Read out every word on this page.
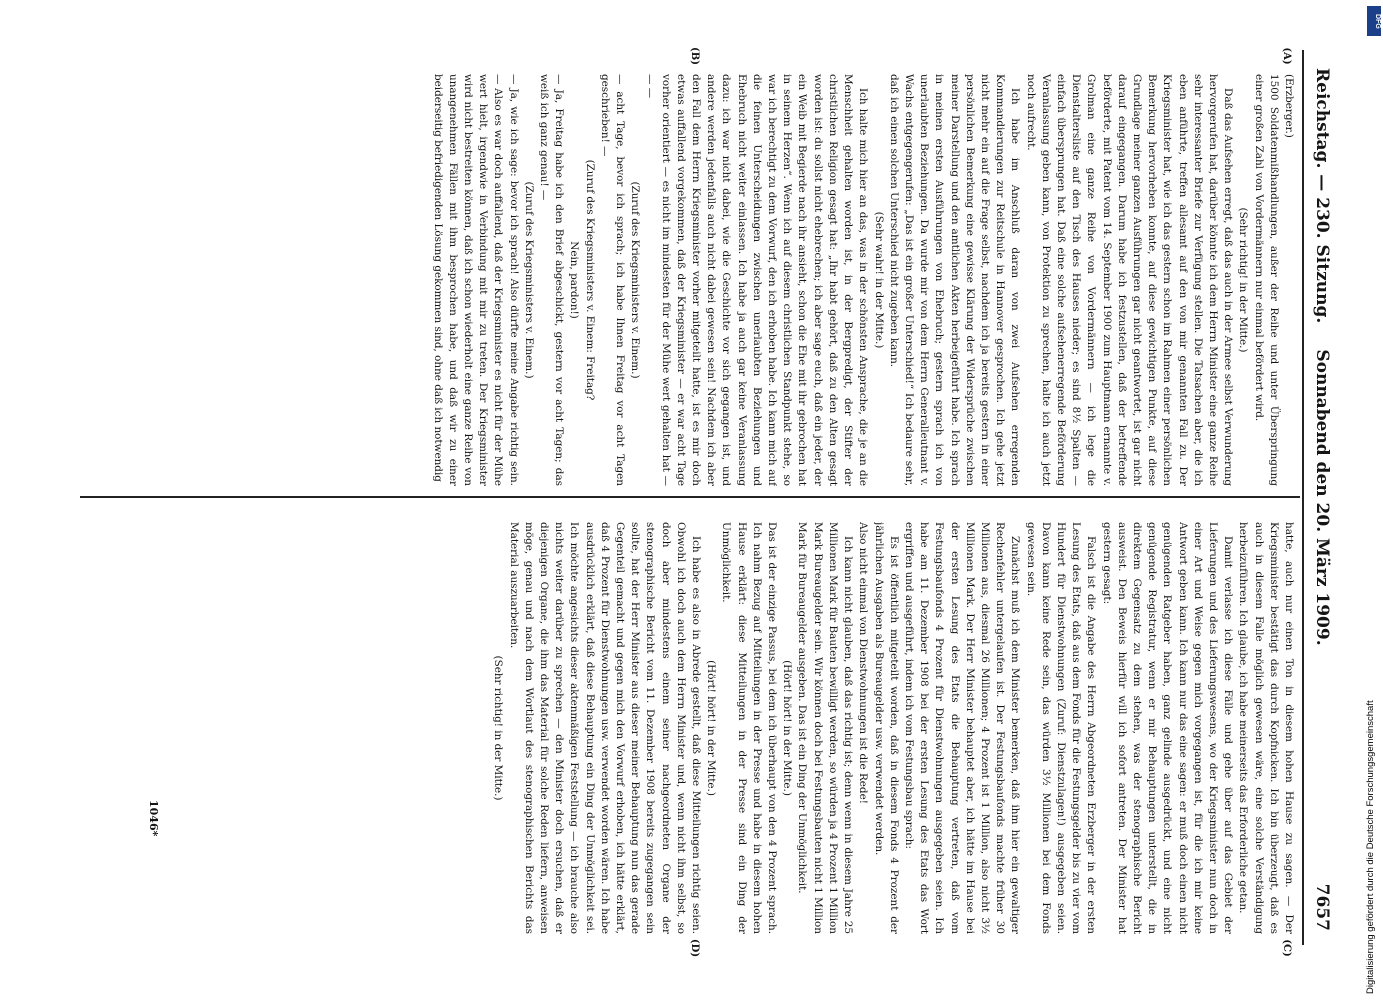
Reichstag. — 230. Sitzung.
Sonnabend den 20. März 1909.
7657
(A)
(B)
(C)
(D)

(Erzberger.)

1500 Soldatenmißhandlungen, außer der Reihe und unter Überspringung einer großen Zahl von Vordermännern nur einmal befördert wird.

(Sehr richtig! in der Mitte.)

Daß das Aufsehen erregt, daß das auch in der Armee selbst Verwunderung hervorgerufen hat, darüber könnte ich dem Herrn Minister eine ganze Reihe sehr interessanter Briefe zur Verfügung stellen. Die Tatsachen aber, die ich eben anführte, treffen allesamt auf den von mir genannten Fall zu. Der Kriegsminister hat, wie ich das gestern schon im Rahmen einer persönlichen Bemerkung hervorheben konnte, auf diese gewichtigen Punkte, auf diese Grundlage meiner ganzen Ausführungen gar nicht geantwortet, ist gar nicht darauf eingegangen. Darum habe ich festzustellen, daß der betreffende beförderte, mit Patent vom 14. September 1900 zum Hauptmann ernannte v. Grolman eine ganze Reihe von Vordermännern — ich lege die Dienstaltersliste auf den Tisch des Hauses nieder; es sind 8½ Spalten — einfach übersprungen hat. Daß eine solche aufsehenerregende Beförderung Veranlassung geben kann, von Protektion zu sprechen, halte ich auch jetzt noch aufrecht.

Ich habe im Anschluß daran von zwei Aufsehen erregenden Kommandierungen zur Reitschule in Hannover gesprochen. Ich gehe jetzt nicht mehr ein auf die Frage selbst, nachdem ich ja bereits gestern in einer persönlichen Bemerkung eine gewisse Klärung der Widersprüche zwischen meiner Darstellung und den amtlichen Akten herbeigeführt habe. Ich sprach in meinen ersten Ausführungen von Ehebruch; gestern sprach ich von unerlaubten Beziehungen. Da wurde mir von dem Herrn Generalleutnant v. Wachs entgegengerufen: „Das ist ein großer Unterschied!“ Ich bedaure sehr, daß ich einen solchen Unterschied nicht zugeben kann.

(Sehr wahr! in der Mitte.)

Ich halte mich hier an das, was in der schönsten Ansprache, die je an die Menschheit gehalten worden ist, in der Bergpredigt, der Stifter der christlichen Religion gesagt hat: „Ihr habt gehört, daß zu den Alten gesagt worden ist: du sollst nicht ehebrechen; ich aber sage euch, daß ein jeder, der ein Weib mit Begierde nach ihr ansieht, schon die Ehe mit ihr gebrochen hat in seinem Herzen“. Wenn ich auf diesem christlichen Standpunkt stehe, so war ich berechtigt zu dem Vorwurf, den ich erhoben habe. Ich kann mich auf die feinen Unterscheidungen zwischen unerlaubten Beziehungen und Ehebruch nicht weiter einlassen. Ich habe ja auch gar keine Veranlassung dazu: ich war nicht dabei, wie die Geschichte vor sich gegangen ist, und andere werden jedenfalls auch nicht dabei gewesen sein! Nachdem ich aber den Fall dem Herrn Kriegsminister vorher mitgeteilt hatte, ist es mir doch etwas auffallend vorgekommen, daß der Kriegsminister — er war acht Tage vorher orientiert — es nicht im mindesten für der Mühe wert gehalten hat — — —

(Zuruf des Kriegsministers v. Einem.)

— acht Tage, bevor ich sprach; ich habe Ihnen Freitag vor acht Tagen geschrieben! —

(Zuruf des Kriegsministers v. Einem: Freitag?

Nein, pardon!)

— Ja, Freitag habe ich den Brief abgeschickt, gestern vor acht Tagen; das weiß ich ganz genau! —

(Zuruf des Kriegsministers v. Einem.)

— Ja, wie ich sage: bevor ich sprach! Also dürfte meine Angabe richtig sein. — Also es war doch auffallend, daß der Kriegsminister es nicht für der Mühe wert hielt, irgendwie in Verbindung mit mir zu treten. Der Kriegsminister wird nicht bestreiten können, daß ich schon wiederholt eine ganze Reihe von unangenehmen Fällen mit ihm besprochen habe, und daß wir zu einer beiderseitig befriedigenden Lösung gekommen sind, ohne daß ich notwendig

hatte, auch nur einen Ton in diesem hohen Hause zu sagen. — Der Kriegsminister bestätigt das durch Kopfnicken. Ich bin überzeugt, daß es auch in diesem Falle möglich gewesen wäre, eine solche Verständigung herbeizuführen. Ich glaube, ich habe meinerseits das Erforderliche getan.

Damit verlasse ich diese Fälle und gehe über auf das Gebiet der Lieferungen und des Lieferungswesens, wo der Kriegsminister nun doch in einer Art und Weise gegen mich vorgegangen ist, für die ich mir keine Antwort geben kann. Ich kann nur das eine sagen: er muß doch einen nicht genügenden Ratgeber haben, ganz gelinde ausgedrückt, und eine nicht genügende Registratur, wenn er mir Behauptungen unterstellt, die in direktem Gegensatz zu dem stehen, was der stenographische Bericht ausweist. Den Beweis hierfür will ich sofort antreten. Der Minister hat gestern gesagt:

Falsch ist die Angabe des Herrn Abgeordneten Erzberger in der ersten Lesung des Etats, daß aus dem Fonds für die Festungsgelder bis zu vier vom Hundert für Dienstwohnungen (Zuruf: Dienstzulagen!) ausgegeben seien. Davon kann keine Rede sein, das würden 3½ Millionen bei dem Fonds gewesen sein.

Zunächst muß ich dem Minister bemerken, daß ihm hier ein gewaltiger Rechenfehler untergelaufen ist. Der Festungsbaufonds machte früher 30 Millionen aus, diesmal 26 Millionen; 4 Prozent ist 1 Million, also nicht 3½ Millionen Mark. Der Herr Minister behauptet aber, ich hätte im Hause bei der ersten Lesung des Etats die Behauptung vertreten, daß vom Festungsbaufonds 4 Prozent für Dienstwohnungen ausgegeben seien. Ich habe am 11. Dezember 1908 bei der ersten Lesung des Etats das Wort ergriffen und ausgeführt, indem ich vom Festungsbau sprach:

Es ist öffentlich mitgeteilt worden, daß in diesem Fonds 4 Prozent der jährlichen Ausgaben als Bureaugelder usw. verwendet werden.

Also nicht einmal von Dienstwohnungen ist die Rede!

Ich kann nicht glauben, daß das richtig ist; denn wenn in diesem Jahre 25 Millionen Mark für Bauten bewilligt werden, so würden ja 4 Prozent 1 Million Mark Bureaugelder sein. Wir können doch bei Festungsbauten nicht 1 Million Mark für Bureaugelder ausgeben. Das ist ein Ding der Unmöglichkeit.

(Hört! hört! in der Mitte.)

Das ist der einzige Passus, bei dem ich überhaupt von den 4 Prozent sprach. Ich nahm Bezug auf Mitteilungen in der Presse und habe in diesem hohen Hause erklärt: diese Mitteilungen in der Presse sind ein Ding der Unmöglichkeit.

(Hört! hört! in der Mitte.)

Ich habe es also in Abrede gestellt, daß diese Mitteilungen richtig seien. Obwohl ich doch auch dem Herrn Minister und, wenn nicht ihm selbst, so doch aber mindestens einem seiner nachgeordneten Organe der stenographische Bericht vom 11. Dezember 1908 bereits zugegangen sein sollte, hat der Herr Minister aus dieser meiner Behauptung nun das gerade Gegenteil gemacht und gegen mich den Vorwurf erhoben, ich hätte erklärt, daß 4 Prozent für Dienstwohnungen usw. verwendet worden wären. Ich habe ausdrücklich erklärt, daß diese Behauptung ein Ding der Unmöglichkeit sei. Ich möchte angesichts dieser aktenmäßigen Feststellung — ich brauche also nichts weiter darüber zu sprechen — den Minister doch ersuchen, daß er diejenigen Organe, die ihm das Material für solche Reden liefern, anweisen möge, genau und nach dem Wortlaut des stenographischen Berichts das Material auszuarbeiten.

(Sehr richtig! in der Mitte.)

1046*
DFG
Digitalisierung gefördert durch die Deutsche Forschungsgemeinschaft
